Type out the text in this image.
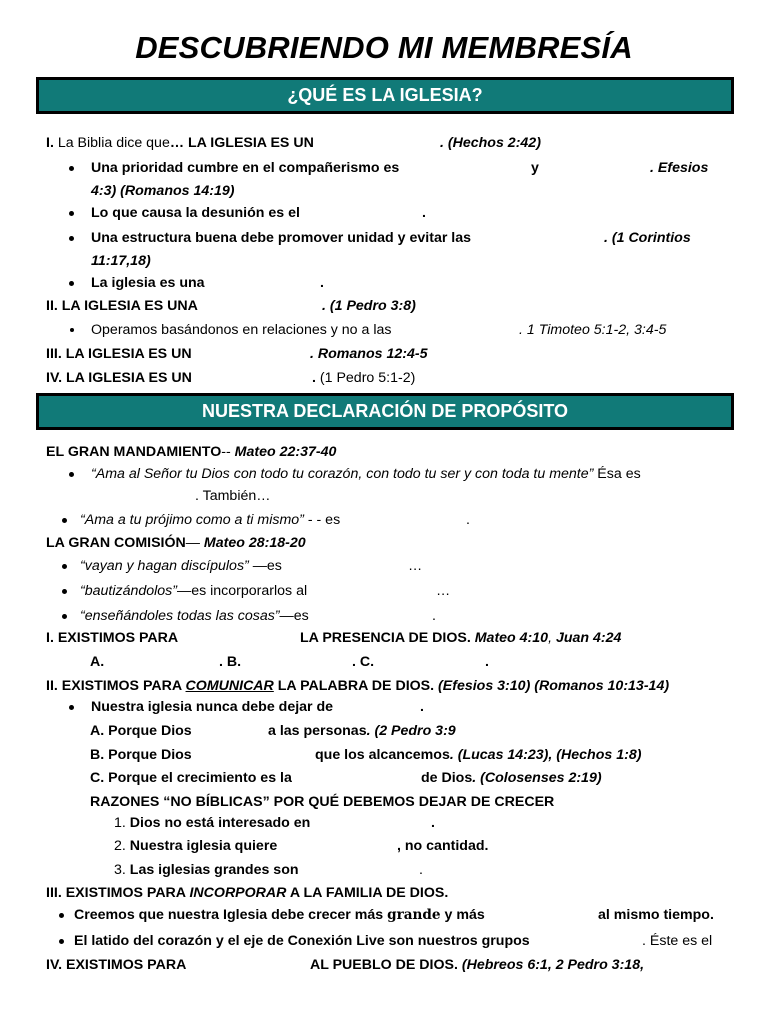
DESCUBRIENDO MI MEMBRESÍA
¿QUÉ ES LA IGLESIA?
I. La Biblia dice que… LA IGLESIA ES UN	. (Hechos 2:42)
Una prioridad cumbre en el compañerismo es	y	. Efesios
4:3) (Romanos 14:19)
Lo que causa la desunión es el	.
Una estructura buena debe promover unidad y evitar las	. (1 Corintios
11:17,18)
La iglesia es una	.
II. LA IGLESIA ES UNA	. (1 Pedro 3:8)
Operamos basándonos en relaciones y no a las	. 1 Timoteo 5:1-2, 3:4-5
III. LA IGLESIA ES UN	. Romanos 12:4-5
IV. LA IGLESIA ES UN	. (1 Pedro 5:1-2)
NUESTRA DECLARACIÓN DE PROPÓSITO
EL GRAN MANDAMIENTO-- Mateo 22:37-40
“Ama al Señor tu Dios con todo tu corazón, con todo tu ser y con toda tu mente” Ésa es
. También…
“Ama a tu prójimo como a ti mismo” - - es	.
LA GRAN COMISIÓN— Mateo 28:18-20
“vayan y hagan discípulos” —es	…
“bautizándolos”—es incorporarlos al	…
“enseñándoles todas las cosas”—es	.
I. EXISTIMOS PARA	LA PRESENCIA DE DIOS. Mateo 4:10, Juan 4:24
A.	. B.	. C.	.
II. EXISTIMOS PARA COMUNICAR LA PALABRA DE DIOS. (Efesios 3:10) (Romanos 10:13-14)
Nuestra iglesia nunca debe dejar de	.
A. Porque Dios	a las personas. (2 Pedro 3:9
B. Porque Dios	que los alcancemos. (Lucas 14:23), (Hechos 1:8)
C. Porque el crecimiento es la	de Dios. (Colosenses 2:19)
RAZONES “NO BÍBLICAS” POR QUÉ DEBEMOS DEJAR DE CRECER
1. Dios no está interesado en	.
2. Nuestra iglesia quiere	, no cantidad.
3. Las iglesias grandes son	.
III. EXISTIMOS PARA INCORPORAR A LA FAMILIA DE DIOS.
Creemos que nuestra Iglesia debe crecer más grande y más	al mismo tiempo.
El latido del corazón y el eje de Conexión Live son nuestros grupos	. Éste es el
IV. EXISTIMOS PARA	AL PUEBLO DE DIOS. (Hebreos 6:1, 2 Pedro 3:18,
